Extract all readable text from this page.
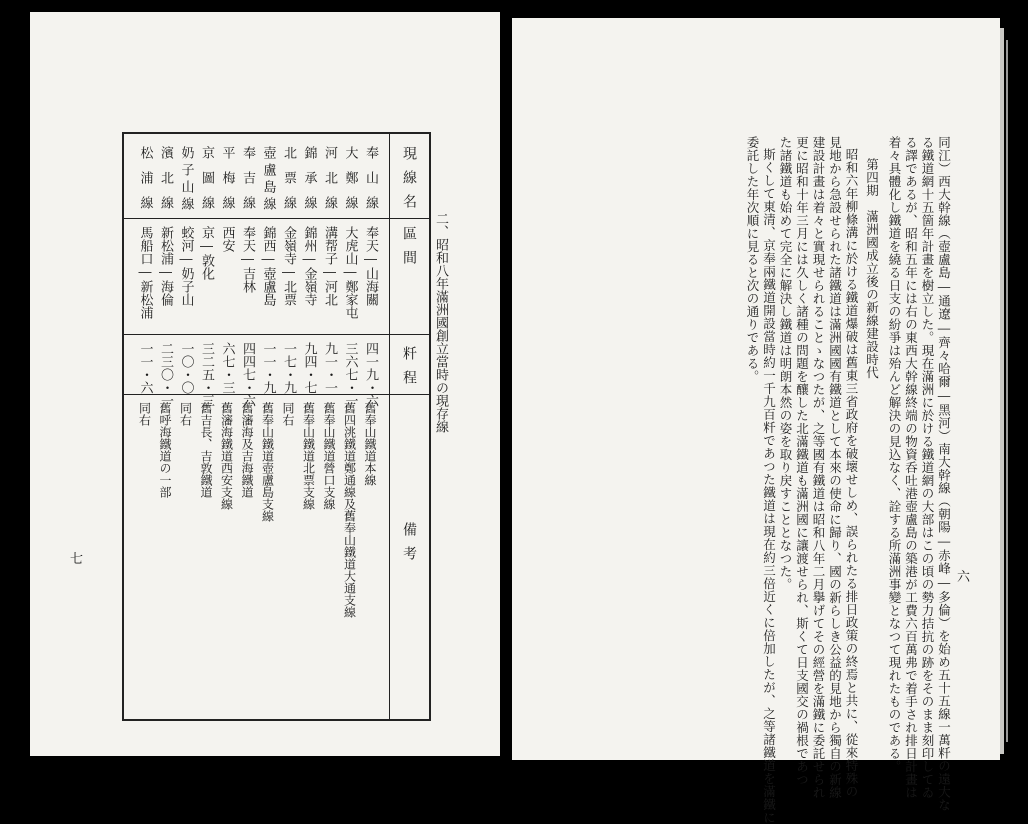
七
二、昭和八年滿洲國創立當時の現存線
現線名
區間
粁程
備考
奉山線
奉天―山海關
四一九・六
舊奉山鐵道本線
大鄭線
大虎山―鄭家屯
三六七・一
舊四洮鐵道鄭通線及舊奉山鐵道大通支線
河北線
溝帮子―河北
九一・一
舊奉山鐵道營口支線
錦承線
錦州―金嶺寺
九四・七
舊奉山鐵道北票支線
北票線
金嶺寺―北票
一七・九
同右
壺盧島線
錦西―壺盧島
一一・九
舊奉山鐵道壺盧島支線
奉吉線
奉天―吉林
四四七・六
舊瀋海及吉海鐵道
平梅線
西安
六七・三
舊瀋海鐵道西安支線
京圖線
京―敦化
三二五・三
舊吉長、吉敦鐵道
奶子山線
蛟河―奶子山
一〇・〇
同右
濱北線
新松浦―海倫
二三〇・一
舊呼海鐵道の一部
松浦線
馬船口―新松浦
一一・六
同右
六
同江）西大幹線（壺盧島―通遼―齊々哈爾―黑河）南大幹線（朝陽―赤峰―多倫）を始め五十五線一萬粁の遠大な
る鐵道網十五箇年計畫を樹立した。現在滿洲に於ける鐵道網の大部はこの頃の勢力拮抗の跡をそのまま刻印してゐ
る譯であるが、昭和五年には右の東西大幹線終端の物資呑吐港壺盧島の築港が工費六百萬弗で着手され排日計畫は
着々具體化し鐵道を繞る日支の紛爭は殆んど解決の見込なく、詮する所滿洲事變となつて現れたものである。
第四期　滿洲國成立後の新線建設時代
昭和六年柳條溝に於ける鐵道爆破は舊東三省政府を破壞せしめ、誤られたる排日政策の終焉と共に、從來特殊の
見地から急設せられた諸鐵道は滿洲國國有鐵道として本來の使命に歸り、國の新らしき公益的見地から獨自の新線
建設計畫は着々と實現せられることゝなつたが、之等國有鐵道は昭和八年二月擧げてその經營を滿鐵に委託せられ
更に昭和十年三月には久しく諸種の問題を釀した北滿鐵道も滿洲國に讓渡せられ、斯くて日支國交の禍根であつ
た諸鐵道も始めて完全に解決し鐵道は明朗本然の姿を取り戻すこととなつた。
斯くして東清、京奉兩鐵道開設當時約一千九百粁であつた鐵道は現在約三倍近くに倍加したが、之等諸鐵道を滿鐵に
委託した年次順に見ると次の通りである。
